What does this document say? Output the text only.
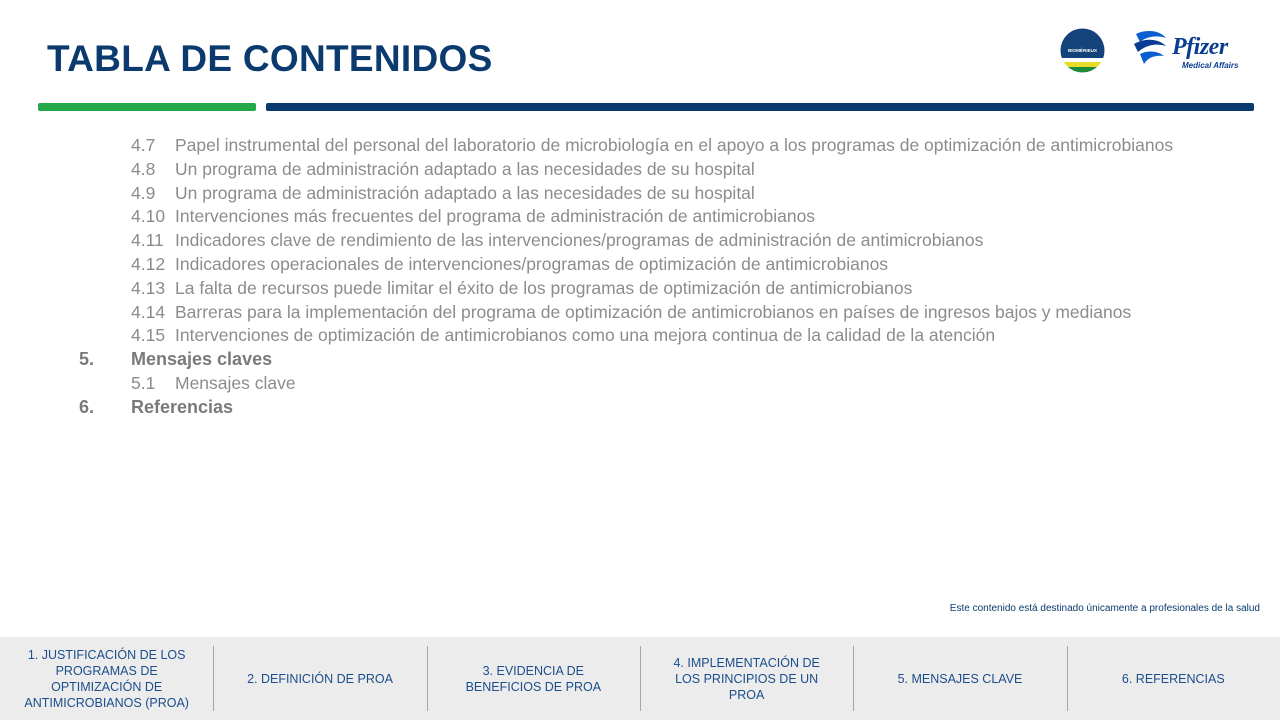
TABLA DE CONTENIDOS	BIOMÉRIEUX	Pfizer
Medical Affairs
4.7 Papel instrumental del personal del laboratorio de microbiología en el apoyo a los programas de optimización de antimicrobianos
4.8 Un programa de administración adaptado a las necesidades de su hospital
4.9 Un programa de administración adaptado a las necesidades de su hospital
4.10 Intervenciones más frecuentes del programa de administración de antimicrobianos
4.11 Indicadores clave de rendimiento de las intervenciones/programas de administración de antimicrobianos
4.12 Indicadores operacionales de intervenciones/programas de optimización de antimicrobianos
4.13 La falta de recursos puede limitar el éxito de los programas de optimización de antimicrobianos
4.14 Barreras para la implementación del programa de optimización de antimicrobianos en países de ingresos bajos y medianos
4.15 Intervenciones de optimización de antimicrobianos como una mejora continua de la calidad de la atención
5. Mensajes claves
5.1 Mensajes clave
6. Referencias
Este contenido está destinado únicamente a profesionales de la salud
1. JUSTIFICACIÓN DE LOS
PROGRAMAS DE
OPTIMIZACIÓN DE
ANTIMICROBIANOS (PROA)
2. DEFINICIÓN DE PROA
3. EVIDENCIA DE
BENEFICIOS DE PROA
4. IMPLEMENTACIÓN DE
LOS PRINCIPIOS DE UN
PROA
5. MENSAJES CLAVE	6. REFERENCIAS
